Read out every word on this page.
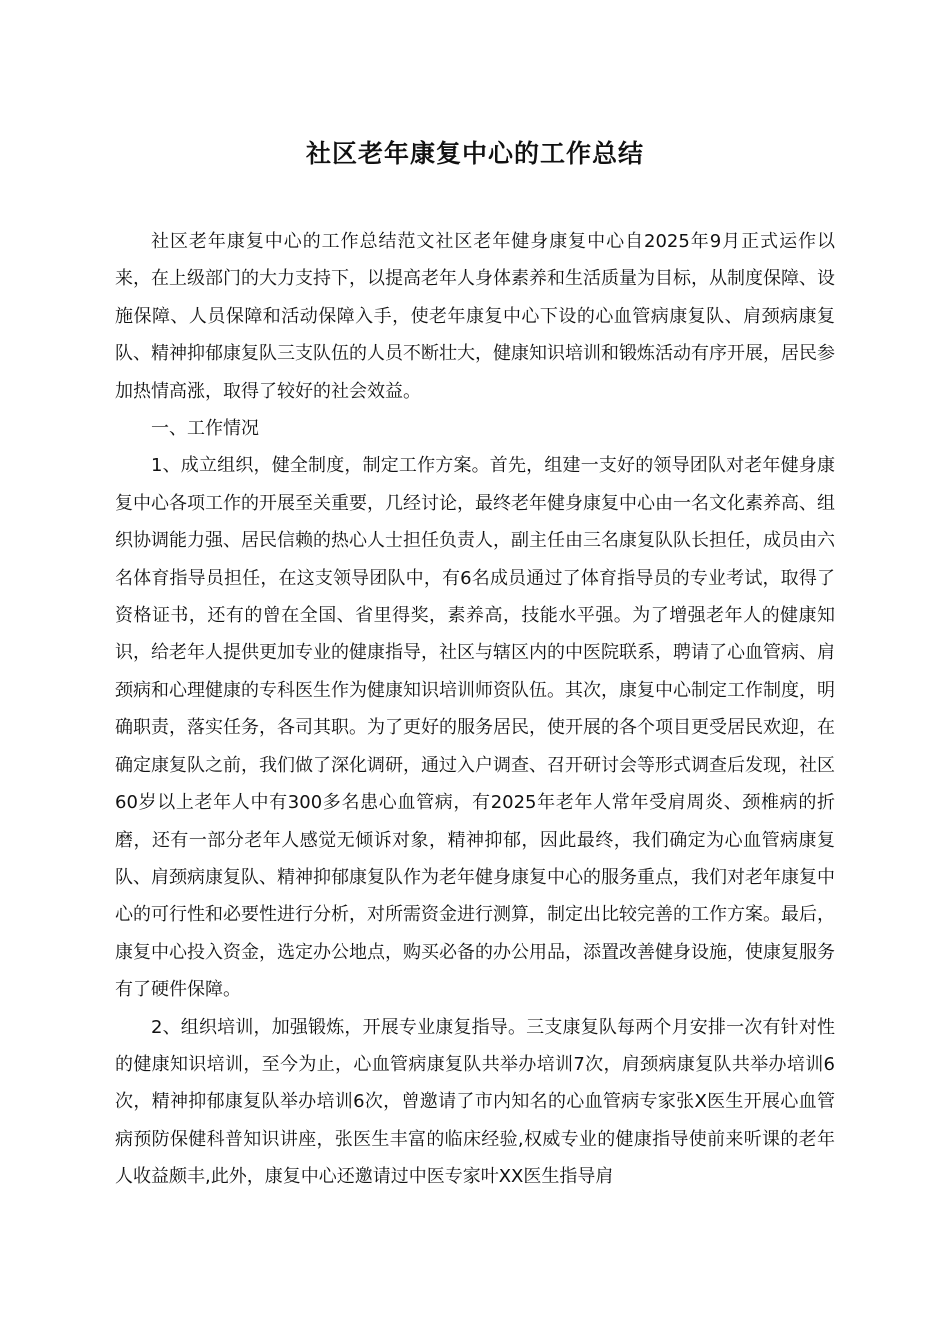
社区老年康复中心的工作总结

社区老年康复中心的工作总结范文社区老年健身康复中心自2025年9月正式运作以来，在上级部门的大力支持下，以提高老年人身体素养和生活质量为目标，从制度保障、设施保障、人员保障和活动保障入手，使老年康复中心下设的心血管病康复队、肩颈病康复队、精神抑郁康复队三支队伍的人员不断壮大，健康知识培训和锻炼活动有序开展，居民参加热情高涨，取得了较好的社会效益。

一、工作情况

1、成立组织，健全制度，制定工作方案。首先，组建一支好的领导团队对老年健身康复中心各项工作的开展至关重要，几经讨论，最终老年健身康复中心由一名文化素养高、组织协调能力强、居民信赖的热心人士担任负责人，副主任由三名康复队队长担任，成员由六名体育指导员担任，在这支领导团队中，有6名成员通过了体育指导员的专业考试，取得了资格证书，还有的曾在全国、省里得奖，素养高，技能水平强。为了增强老年人的健康知识，给老年人提供更加专业的健康指导，社区与辖区内的中医院联系，聘请了心血管病、肩颈病和心理健康的专科医生作为健康知识培训师资队伍。其次，康复中心制定工作制度，明确职责，落实任务，各司其职。为了更好的服务居民，使开展的各个项目更受居民欢迎，在确定康复队之前，我们做了深化调研，通过入户调查、召开研讨会等形式调查后发现，社区60岁以上老年人中有300多名患心血管病，有2025年老年人常年受肩周炎、颈椎病的折磨，还有一部分老年人感觉无倾诉对象，精神抑郁，因此最终，我们确定为心血管病康复队、肩颈病康复队、精神抑郁康复队作为老年健身康复中心的服务重点，我们对老年康复中心的可行性和必要性进行分析，对所需资金进行测算，制定出比较完善的工作方案。最后，康复中心投入资金，选定办公地点，购买必备的办公用品，添置改善健身设施，使康复服务有了硬件保障。

2、组织培训，加强锻炼，开展专业康复指导。三支康复队每两个月安排一次有针对性的健康知识培训，至今为止，心血管病康复队共举办培训7次，肩颈病康复队共举办培训6次，精神抑郁康复队举办培训6次，曾邀请了市内知名的心血管病专家张X医生开展心血管病预防保健科普知识讲座，张医生丰富的临床经验,权威专业的健康指导使前来听课的老年人收益颇丰,此外，康复中心还邀请过中医专家叶XX医生指导肩
